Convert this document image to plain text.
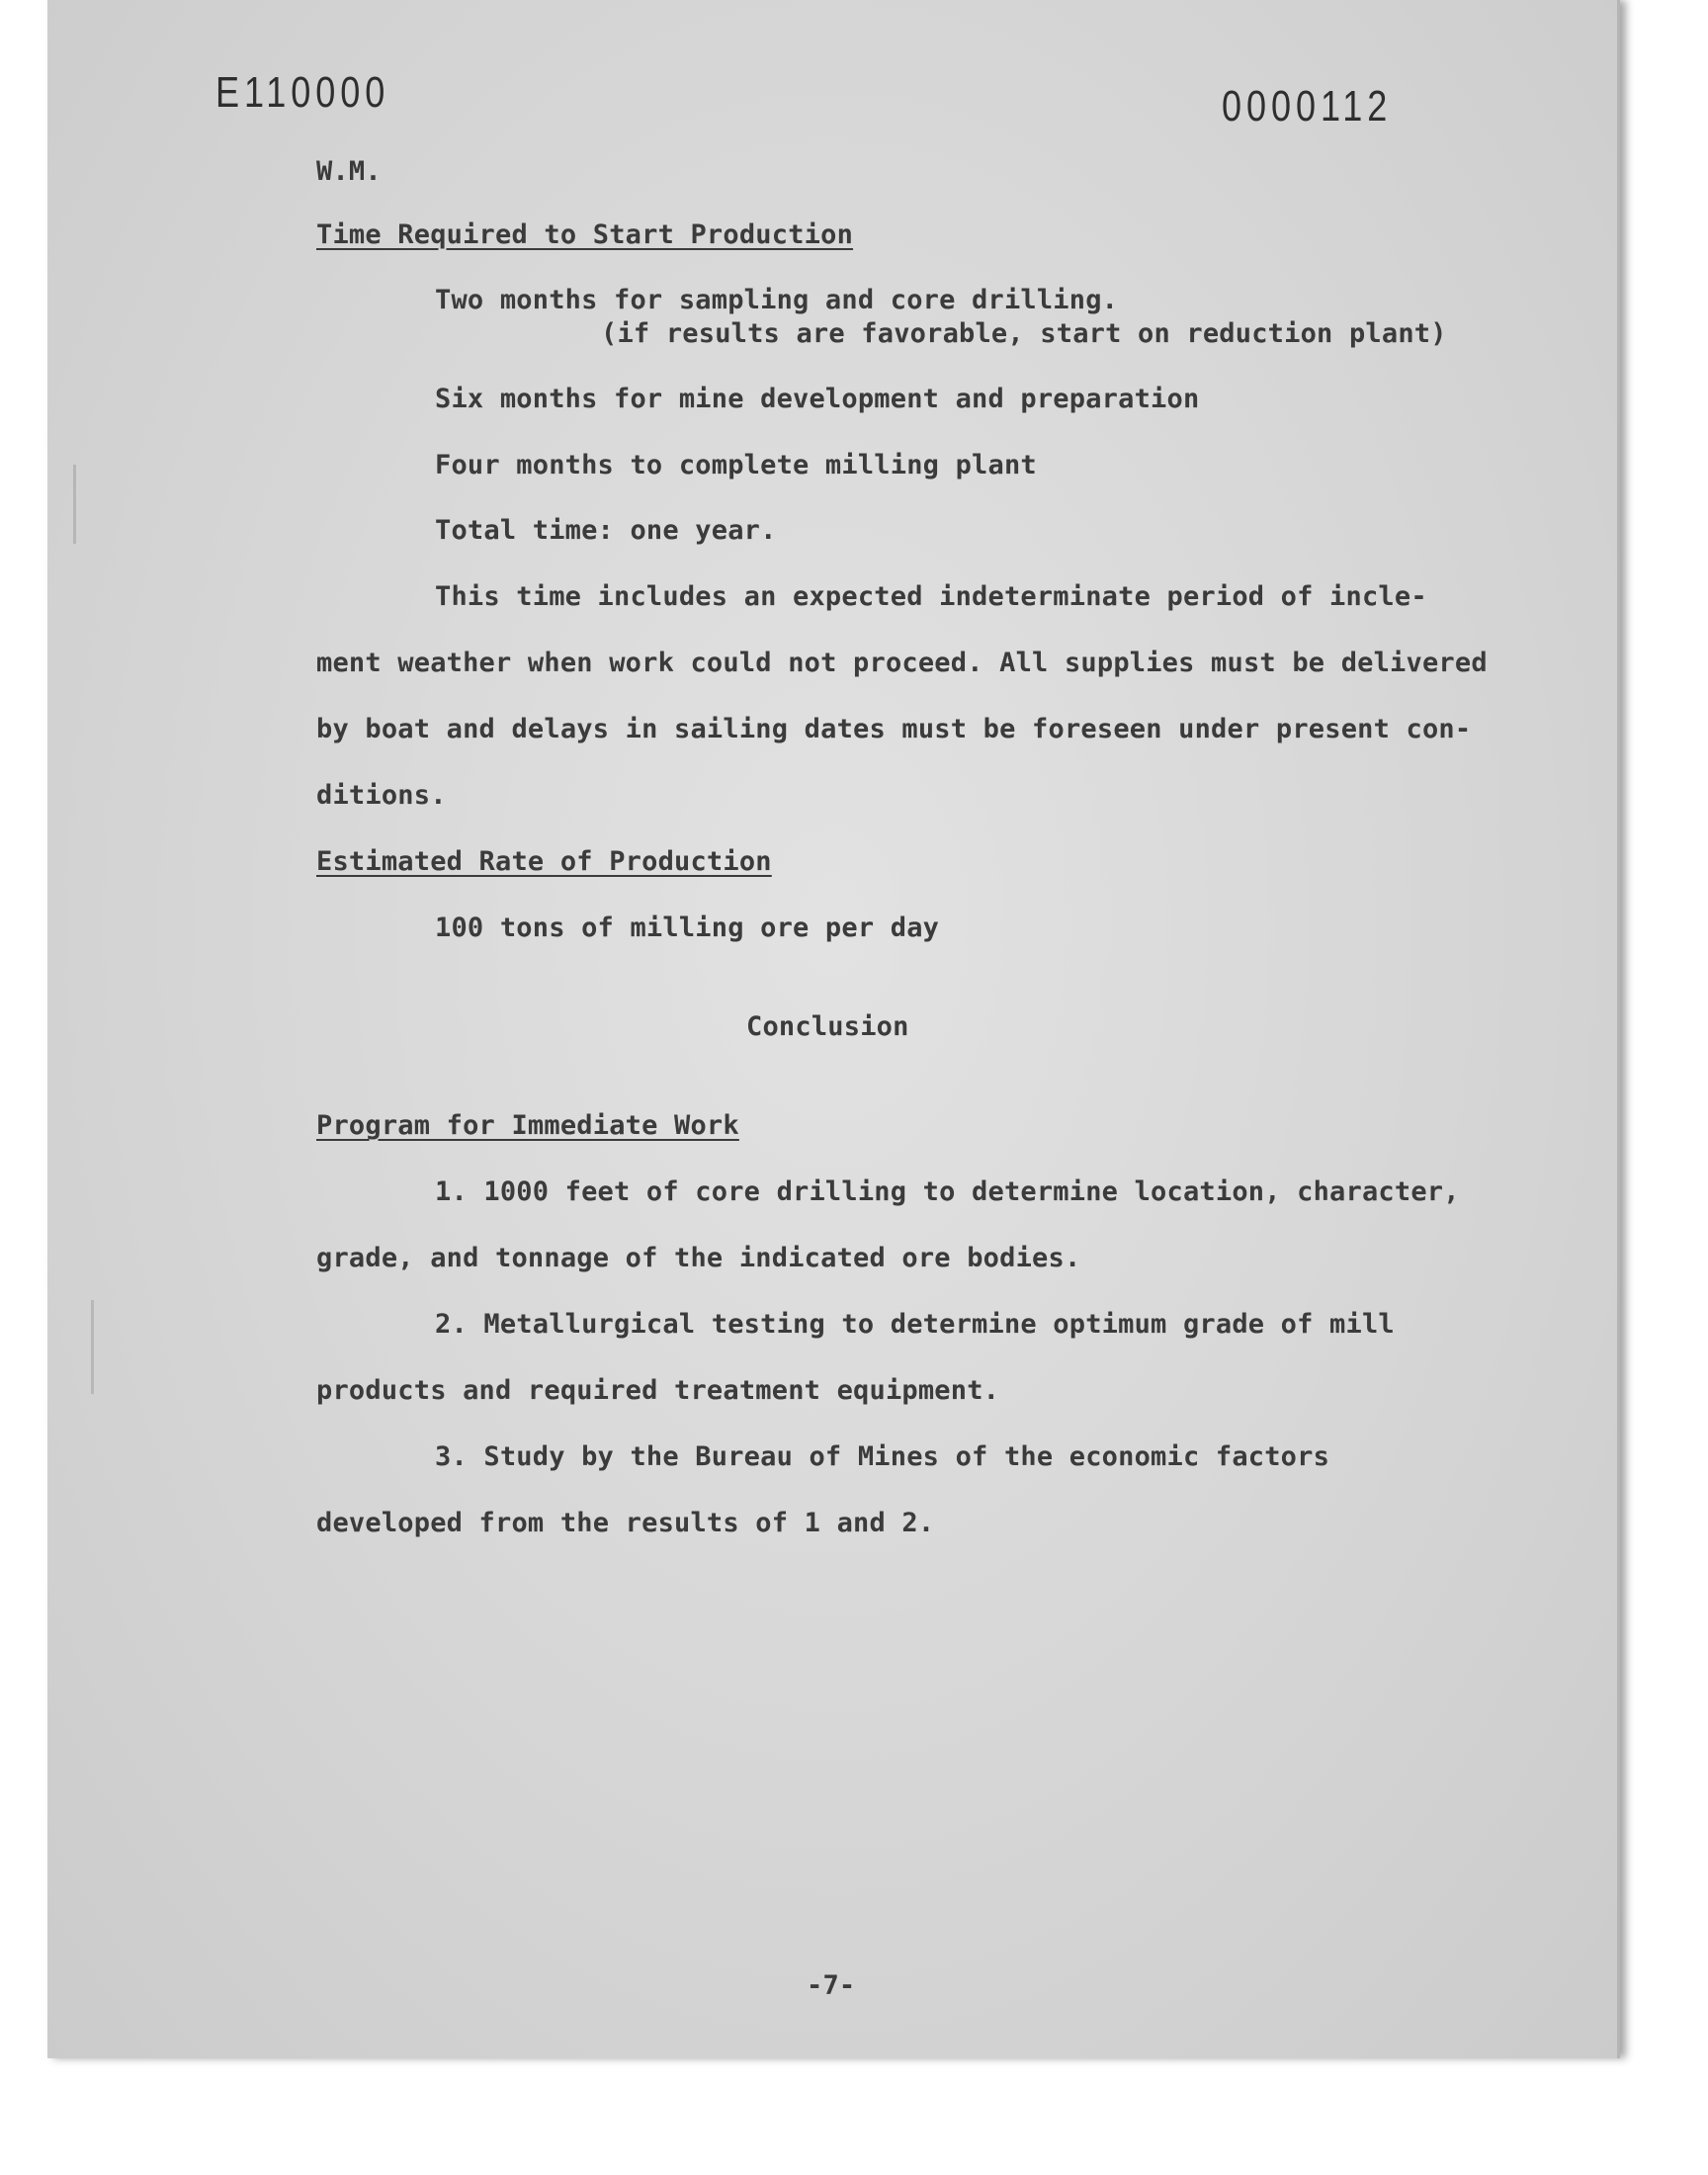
E110000	0000112
W.M.
Time Required to Start Production
Two months for sampling and core drilling.
(if results are favorable, start on reduction plant)
Six months for mine development and preparation
Four months to complete milling plant
Total time: one year.
This time includes an expected indeterminate period of incle-
ment weather when work could not proceed. All supplies must be delivered
by boat and delays in sailing dates must be foreseen under present con-
ditions.
Estimated Rate of Production
100 tons of milling ore per day
Conclusion
Program for Immediate Work
1. 1000 feet of core drilling to determine location, character,
grade, and tonnage of the indicated ore bodies.
2. Metallurgical testing to determine optimum grade of mill
products and required treatment equipment.
3. Study by the Bureau of Mines of the economic factors
developed from the results of 1 and 2.
-7-
